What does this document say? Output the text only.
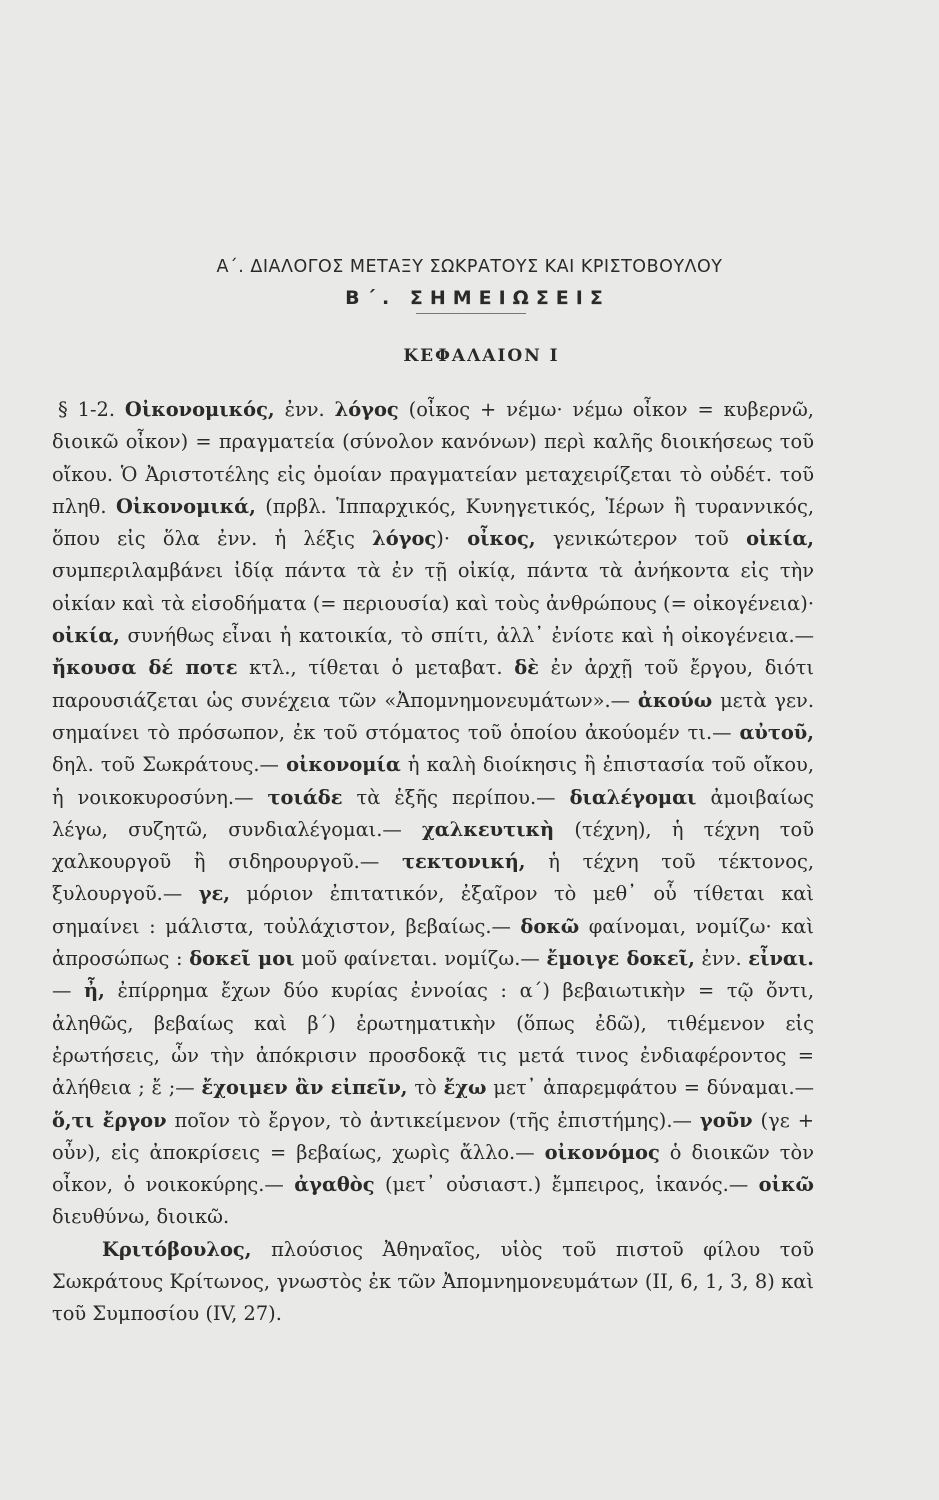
Β΄. ΣΗΜΕΙΩΣΕΙΣ
Α΄. ΔΙΑΛΟΓΟΣ ΜΕΤΑΞΥ ΣΩΚΡΑΤΟΥΣ ΚΑΙ ΚΡΙΣΤΟΒΟΥΛΟΥ
ΚΕΦΑΛΑΙΟΝ Ι

§ 1-2. Οἰκονομικός, ἐνν. λόγος (οἶκος + νέμω· νέμω οἶκον = κυβερνῶ, διοικῶ οἶκον) = πραγματεία (σύνολον κανόνων) περὶ καλῆς διοικήσεως τοῦ οἴκου. Ὁ Ἀριστοτέλης εἰς ὁμοίαν πραγματείαν μεταχειρίζεται τὸ οὐδέτ. τοῦ πληθ. Οἰκονομικά, (πρβλ. Ἱππαρχικός, Κυνηγετικός, Ἱέρων ἢ τυραννικός, ὅπου εἰς ὅλα ἐνν. ἡ λέξις λόγος)· οἶκος, γενικώτερον τοῦ οἰκία, συμπεριλαμβάνει ἰδίᾳ πάντα τὰ ἐν τῇ οἰκίᾳ, πάντα τὰ ἀνήκοντα εἰς τὴν οἰκίαν καὶ τὰ εἰσοδήματα (= περιουσία) καὶ τοὺς ἀνθρώπους (= οἰκογένεια)· οἰκία, συνήθως εἶναι ἡ κατοικία, τὸ σπίτι, ἀλλ᾽ ἐνίοτε καὶ ἡ οἰκογένεια.— ἤκουσα δέ ποτε κτλ., τίθεται ὁ μεταβατ. δὲ ἐν ἀρχῇ τοῦ ἔργου, διότι παρουσιάζεται ὡς συνέχεια τῶν «Ἀπομνημονευμάτων».— ἀκούω μετὰ γεν. σημαίνει τὸ πρόσωπον, ἐκ τοῦ στόματος τοῦ ὁποίου ἀκούομέν τι.— αὐτοῦ, δηλ. τοῦ Σωκράτους.— οἰκονομία ἡ καλὴ διοίκησις ἢ ἐπιστασία τοῦ οἴκου, ἡ νοικοκυροσύνη.— τοιάδε τὰ ἑξῆς περίπου.— διαλέγομαι ἀμοιβαίως λέγω, συζητῶ, συνδιαλέγομαι.— χαλκευτικὴ (τέχνη), ἡ τέχνη τοῦ χαλκουργοῦ ἢ σιδηρουργοῦ.— τεκτονική, ἡ τέχνη τοῦ τέκτονος, ξυλουργοῦ.— γε, μόριον ἐπιτατικόν, ἐξαῖρον τὸ μεθ᾽ οὗ τίθεται καὶ σημαίνει : μάλιστα, τοὐλάχιστον, βεβαίως.— δοκῶ φαίνομαι, νομίζω· καὶ ἀπροσώπως : δοκεῖ μοι μοῦ φαίνεται. νομίζω.— ἔμοιγε δοκεῖ, ἐνν. εἶναι.— ἦ, ἐπίρρημα ἔχων δύο κυρίας ἐννοίας : α΄) βεβαιωτικὴν = τῷ ὄντι, ἀληθῶς, βεβαίως καὶ β΄) ἐρωτηματικὴν (ὅπως ἐδῶ), τιθέμενον εἰς ἐρωτήσεις, ὧν τὴν ἀπόκρισιν προσδοκᾷ τις μετά τινος ἐνδιαφέροντος = ἀλήθεια ; ἔ ;— ἔχοιμεν ἂν εἰπεῖν, τὸ ἔχω μετ᾽ ἀπαρεμφάτου = δύναμαι.— ὅ,τι ἔργον ποῖον τὸ ἔργον, τὸ ἀντικείμενον (τῆς ἐπιστήμης).— γοῦν (γε + οὖν), εἰς ἀποκρίσεις = βεβαίως, χωρὶς ἄλλο.— οἰκονόμος ὁ διοικῶν τὸν οἶκον, ὁ νοικοκύρης.— ἀγαθὸς (μετ᾽ οὐσιαστ.) ἔμπειρος, ἱκανός.— οἰκῶ διευθύνω, διοικῶ.

Κριτόβουλος, πλούσιος Ἀθηναῖος, υἱὸς τοῦ πιστοῦ φίλου τοῦ Σωκράτους Κρίτωνος, γνωστὸς ἐκ τῶν Ἀπομνημονευμάτων (ΙΙ, 6, 1, 3, 8) καὶ τοῦ Συμποσίου (ΙV, 27).
